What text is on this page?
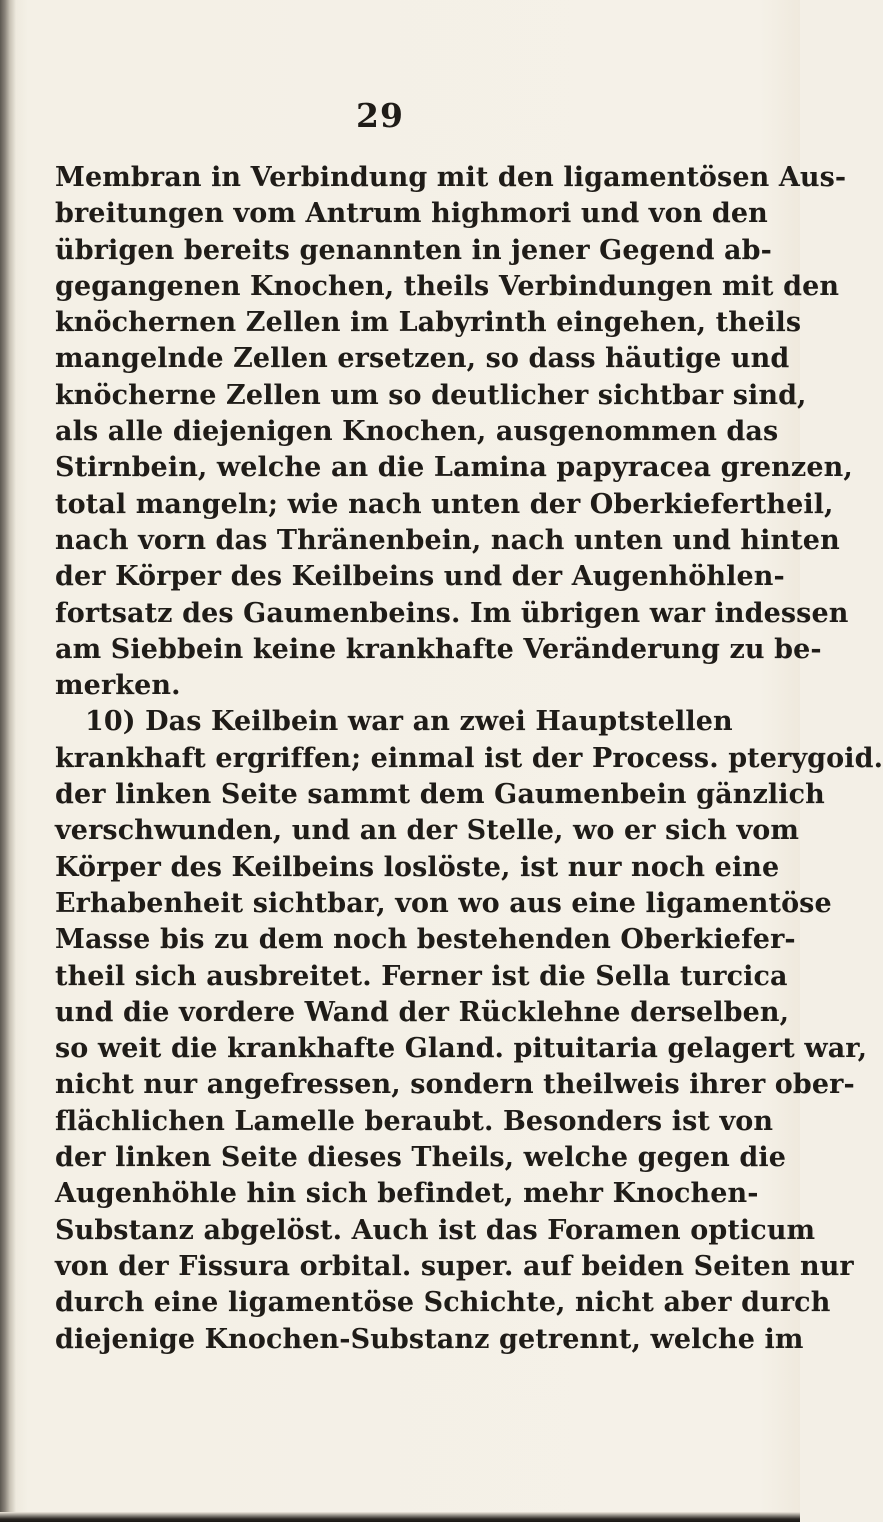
29
Membran in Verbindung mit den ligamentösen Aus-
breitungen vom Antrum highmori und von den
übrigen bereits genannten in jener Gegend ab-
gegangenen Knochen, theils Verbindungen mit den
knöchernen Zellen im Labyrinth eingehen, theils
mangelnde Zellen ersetzen, so dass häutige und
knöcherne Zellen um so deutlicher sichtbar sind,
als alle diejenigen Knochen, ausgenommen das
Stirnbein, welche an die Lamina papyracea grenzen,
total mangeln; wie nach unten der Oberkiefertheil,
nach vorn das Thränenbein, nach unten und hinten
der Körper des Keilbeins und der Augenhöhlen-
fortsatz des Gaumenbeins. Im übrigen war indessen
am Siebbein keine krankhafte Veränderung zu be-
merken.
10) Das Keilbein war an zwei Hauptstellen
krankhaft ergriffen; einmal ist der Process. pterygoid.
der linken Seite sammt dem Gaumenbein gänzlich
verschwunden, und an der Stelle, wo er sich vom
Körper des Keilbeins loslöste, ist nur noch eine
Erhabenheit sichtbar, von wo aus eine ligamentöse
Masse bis zu dem noch bestehenden Oberkiefer-
theil sich ausbreitet. Ferner ist die Sella turcica
und die vordere Wand der Rücklehne derselben,
so weit die krankhafte Gland. pituitaria gelagert war,
nicht nur angefressen, sondern theilweis ihrer ober-
flächlichen Lamelle beraubt. Besonders ist von
der linken Seite dieses Theils, welche gegen die
Augenhöhle hin sich befindet, mehr Knochen-
Substanz abgelöst. Auch ist das Foramen opticum
von der Fissura orbital. super. auf beiden Seiten nur
durch eine ligamentöse Schichte, nicht aber durch
diejenige Knochen-Substanz getrennt, welche im
